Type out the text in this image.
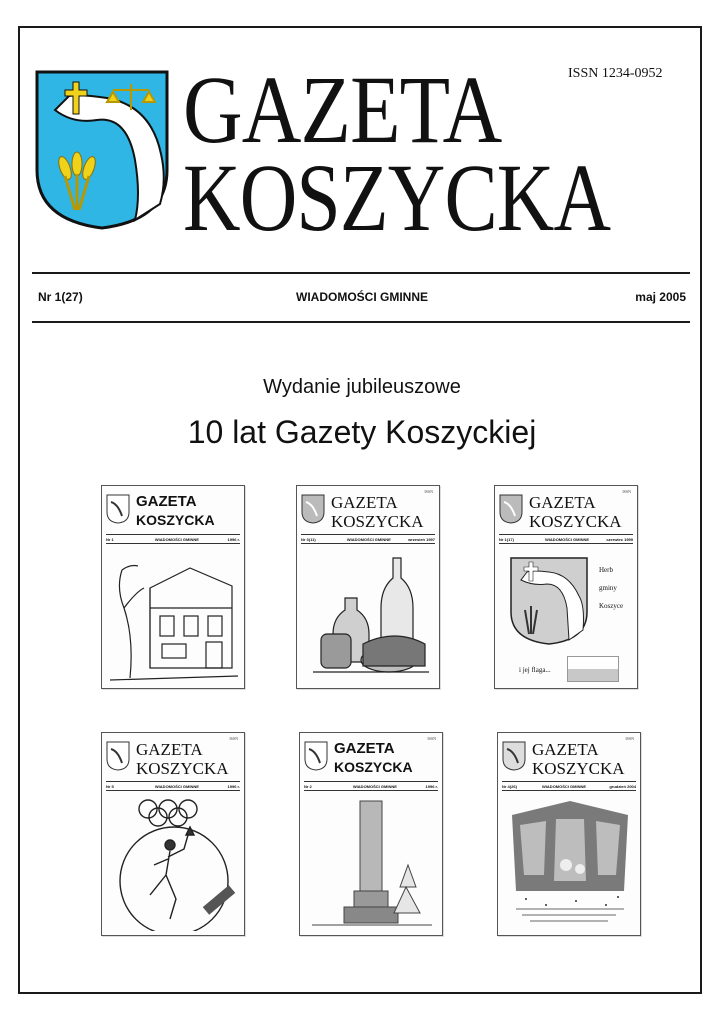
GAZETA
KOSZYCKA
ISSN 1234-0952
Nr 1(27)	WIADOMOŚCI GMINNE	maj 2005
Wydanie jubileuszowe
10 lat Gazety Koszyckiej
GAZETA
KOSZYCKA
Nr 1	WIADOMOŚCI GMINNE	1996 r.
ISSN
GAZETA
KOSZYCKA
Nr 3(11)	WIADOMOŚCI GMINNE	wrzesień 1997
ISSN
GAZETA
KOSZYCKA
Nr 1(17)	WIADOMOŚCI GMINNE	czerwiec 1999
Herb
gminy
Koszyce
i jej flaga...
ISSN
GAZETA
KOSZYCKA
Nr 5	WIADOMOŚCI GMINNE	1996 r.
ISSN
GAZETA
KOSZYCKA
Nr 2	WIADOMOŚCI GMINNE	1996 r.
ISSN
GAZETA
KOSZYCKA
Nr 4(26)	WIADOMOŚCI GMINNE	grudzień 2004
